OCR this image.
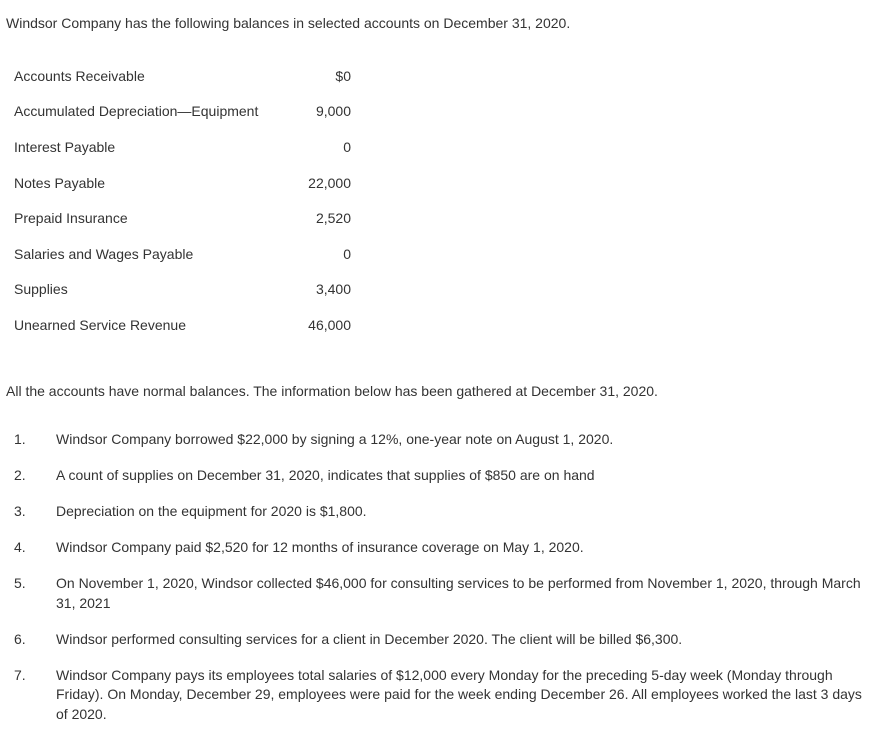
Windsor Company has the following balances in selected accounts on December 31, 2020.

Accounts Receivable	$0
Accumulated Depreciation—Equipment	9,000
Interest Payable	0
Notes Payable	22,000
Prepaid Insurance	2,520
Salaries and Wages Payable	0
Supplies	3,400
Unearned Service Revenue	46,000

All the accounts have normal balances. The information below has been gathered at December 31, 2020.

1.	Windsor Company borrowed $22,000 by signing a 12%, one-year note on August 1, 2020.
2.	A count of supplies on December 31, 2020, indicates that supplies of $850 are on hand
3.	Depreciation on the equipment for 2020 is $1,800.
4.	Windsor Company paid $2,520 for 12 months of insurance coverage on May 1, 2020.
5.	On November 1, 2020, Windsor collected $46,000 for consulting services to be performed from November 1, 2020, through March 31, 2021
6.	Windsor performed consulting services for a client in December 2020. The client will be billed $6,300.
7.	Windsor Company pays its employees total salaries of $12,000 every Monday for the preceding 5-day week (Monday through Friday). On Monday, December 29, employees were paid for the week ending December 26. All employees worked the last 3 days of 2020.
